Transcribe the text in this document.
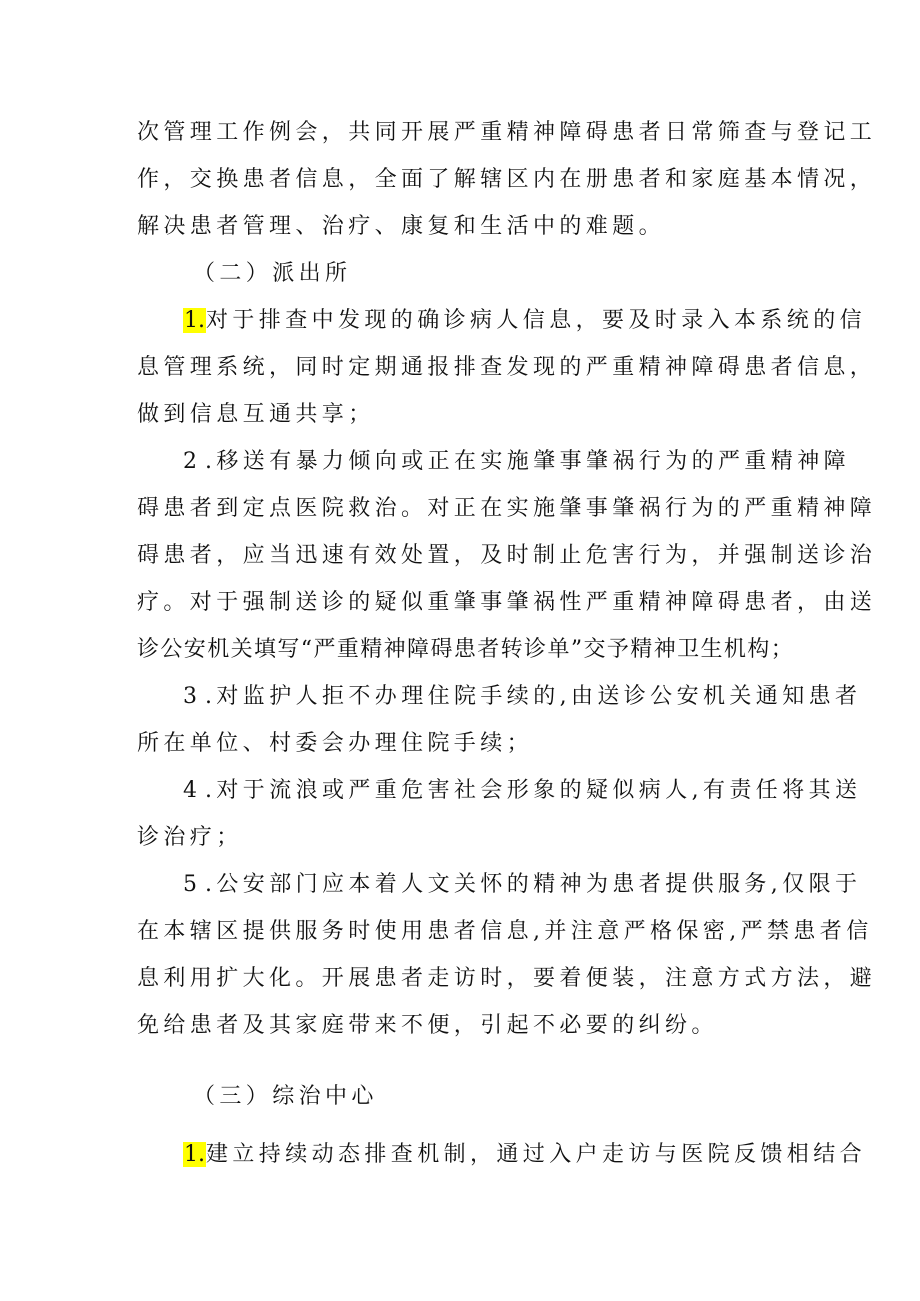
次管理工作例会，共同开展严重精神障碍患者日常筛查与登记工
作，交换患者信息，全面了解辖区内在册患者和家庭基本情况，
解决患者管理、治疗、康复和生活中的难题。
（二）派出所
1.对于排查中发现的确诊病人信息，要及时录入本系统的信
息管理系统，同时定期通报排查发现的严重精神障碍患者信息，
做到信息互通共享；
2 .移送有暴力倾向或正在实施肇事肇祸行为的严重精神障
碍患者到定点医院救治。对正在实施肇事肇祸行为的严重精神障
碍患者，应当迅速有效处置，及时制止危害行为，并强制送诊治
疗。对于强制送诊的疑似重肇事肇祸性严重精神障碍患者，由送
诊公安机关填写“严重精神障碍患者转诊单”交予精神卫生机构；
3 .对监护人拒不办理住院手续的,由送诊公安机关通知患者
所在单位、村委会办理住院手续；
4 .对于流浪或严重危害社会形象的疑似病人,有责任将其送
诊治疗；
5 .公安部门应本着人文关怀的精神为患者提供服务,仅限于
在本辖区提供服务时使用患者信息,并注意严格保密,严禁患者信
息利用扩大化。开展患者走访时，要着便装，注意方式方法，避
免给患者及其家庭带来不便，引起不必要的纠纷。
（三）综治中心
1.建立持续动态排查机制，通过入户走访与医院反馈相结合
